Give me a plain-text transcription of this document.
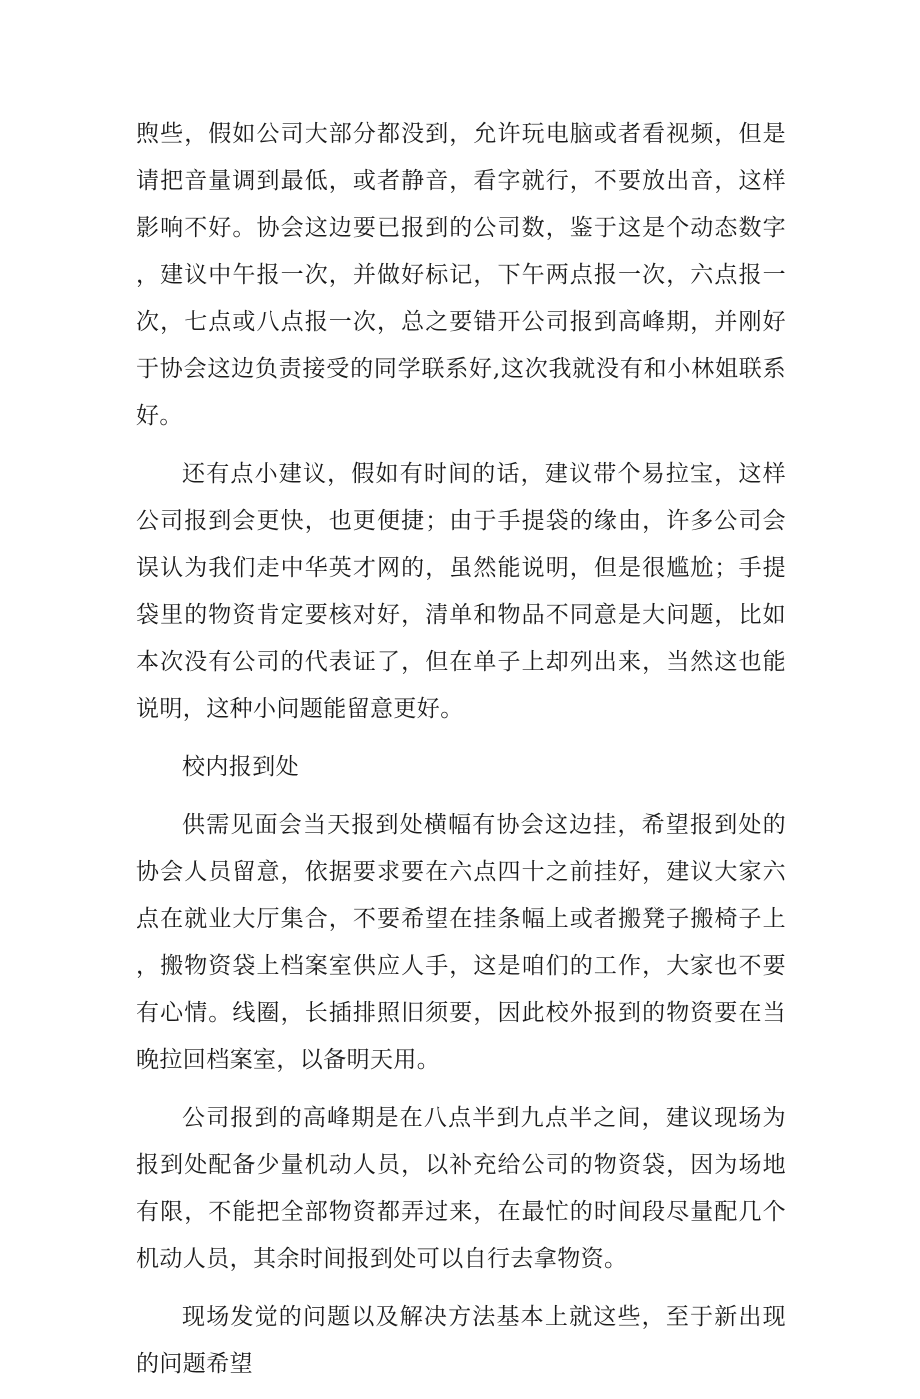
煦些，假如公司大部分都没到，允许玩电脑或者看视频，但是请把音量调到最低，或者静音，看字就行，不要放出音，这样影响不好。协会这边要已报到的公司数，鉴于这是个动态数字，建议中午报一次，并做好标记，下午两点报一次，六点报一次，七点或八点报一次，总之要错开公司报到高峰期，并刚好于协会这边负责接受的同学联系好,这次我就没有和小林姐联系好。

还有点小建议，假如有时间的话，建议带个易拉宝，这样公司报到会更快，也更便捷；由于手提袋的缘由，许多公司会误认为我们走中华英才网的，虽然能说明，但是很尴尬；手提袋里的物资肯定要核对好，清单和物品不同意是大问题，比如本次没有公司的代表证了，但在单子上却列出来，当然这也能说明，这种小问题能留意更好。

校内报到处

供需见面会当天报到处横幅有协会这边挂，希望报到处的协会人员留意，依据要求要在六点四十之前挂好，建议大家六点在就业大厅集合，不要希望在挂条幅上或者搬凳子搬椅子上，搬物资袋上档案室供应人手，这是咱们的工作，大家也不要有心情。线圈，长插排照旧须要，因此校外报到的物资要在当晚拉回档案室，以备明天用。

公司报到的高峰期是在八点半到九点半之间，建议现场为报到处配备少量机动人员，以补充给公司的物资袋，因为场地有限，不能把全部物资都弄过来，在最忙的时间段尽量配几个机动人员，其余时间报到处可以自行去拿物资。

现场发觉的问题以及解决方法基本上就这些，至于新出现的问题希望
